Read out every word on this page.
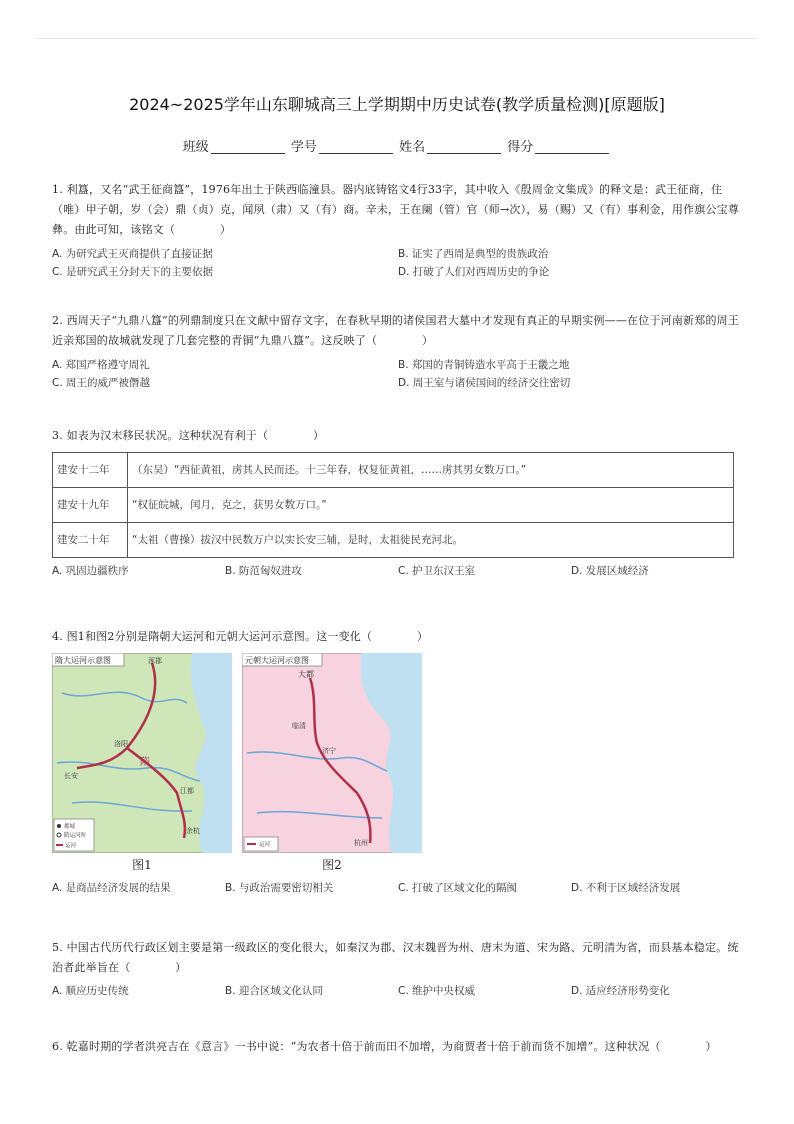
2024~2025学年山东聊城高三上学期期中历史试卷(教学质量检测)[原题版]
班级	学号	姓名	得分
1. 利簋，又名“武王征商簋”，1976年出土于陕西临潼县。器内底铸铭文4行33字，其中收入《殷周金文集成》的释文是：武王征商，住（唯）甲子朝，岁（会）鼎（贞）克，闻夙（肃）又（有）商。辛未，王在阑（管）官（师→次），易（赐）又（有）事利金，用作旗公宝尊彝。由此可知，该铭文（　　　　）
A. 为研究武王灭商提供了直接证据	B. 证实了西周是典型的贵族政治
C. 是研究武王分封天下的主要依据	D. 打破了人们对西周历史的争论
2. 西周天子“九鼎八簋”的列鼎制度只在文献中留存文字，在春秋早期的诸侯国君大墓中才发现有真正的早期实例——在位于河南新郑的周王近亲郑国的故城就发现了几套完整的青铜“九鼎八簋”。这反映了（　　　　）
A. 郑国严格遵守周礼	B. 郑国的青铜铸造水平高于王畿之地
C. 周王的威严被僭越	D. 周王室与诸侯国间的经济交往密切
3. 如表为汉末移民状况。这种状况有利于（　　　　）
建安十二年	（东吴）“西征黄祖，虏其人民而还。十三年春，权复征黄祖，……虏其男女数万口。”
建安十九年	“权征皖城，闰月，克之，获男女数万口。”
建安二十年	“太祖（曹操）拔汉中民数万户以实长安三辅，是时，太祖徙民充河北。
A. 巩固边疆秩序	B. 防范匈奴进攻	C. 护卫东汉王室	D. 发展区域经济
4. 图1和图2分别是隋朝大运河和元朝大运河示意图。这一变化（　　　　）
隋大运河示意图	涿郡
洛阳
长安
江都
余杭
隋
都城
隋运河所
运河
图1
元朝大运河示意图
大都
临清
济宁
杭州
运河
图2
A. 是商品经济发展的结果	B. 与政治需要密切相关	C. 打破了区域文化的隔阂	D. 不利于区域经济发展
5. 中国古代历代行政区划主要是第一级政区的变化很大，如秦汉为郡、汉末魏晋为州、唐末为道、宋为路、元明清为省，而县基本稳定。统治者此举旨在（　　　　）
A. 顺应历史传统	B. 迎合区域文化认同	C. 维护中央权威	D. 适应经济形势变化
6. 乾嘉时期的学者洪亮吉在《意言》一书中说：“为农者十倍于前而田不加增，为商贾者十倍于前而货不加增”。这种状况（　　　　）
